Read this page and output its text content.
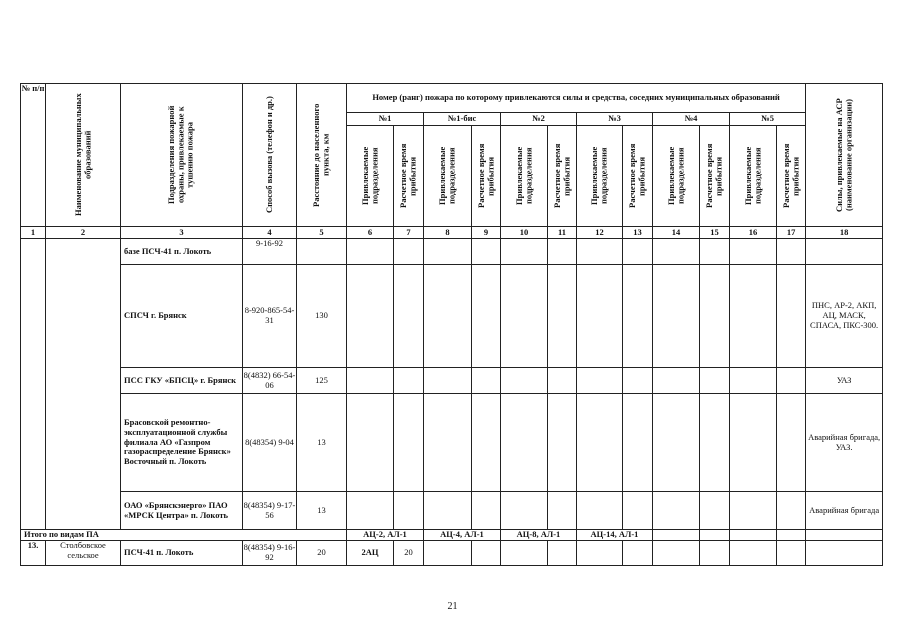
№ п/п	Наименование муниципальных образований	Подразделения пожарной охраны, привлекаемые к тушению пожара	Способ вызова (телефон и др.)	Расстояние до населенного пункта, км	Номер (ранг) пожара по которому привлекаются силы и средства, соседних муниципальных образований												Силы, привлекаемые на АСР (наименование организации)

					№1		№1-бис		№2		№3		№4		№5		

					Привлекаемые подразделения	Расчетное время прибытия	Привлекаемые подразделения	Расчетное время прибытия	Привлекаемые подразделения	Расчетное время прибытия	Привлекаемые подразделения	Расчетное время прибытия	Привлекаемые подразделения	Расчетное время прибытия	Привлекаемые подразделения	Расчетное время прибытия	

1	2	3	4	5	6	7	8	9	10	11	12	13	14	15	16	17	18
		базе ПСЧ-41 п. Локоть	9-16-92														
		СПСЧ г. Брянск	8-920-865-54-31	130													ПНС, АР-2, АКП, АЦ, МАСК, СПАСА, ПКС-300.
		ПСС ГКУ «БПСЦ» г. Брянск	8(4832) 66-54-06	125													УАЗ
		Брасовской ремонтно-эксплуатационной службы филиала АО «Газпром газораспределение Брянск» Восточный п. Локоть	8(48354) 9-04	13													Аварийная бригада, УАЗ.
		ОАО «Брянскэнерго» ПАО «МРСК Центра» п. Локоть	8(48354) 9-17-56	13													Аварийная бригада
Итого по видам ПА					АЦ-2, АЛ-1		АЦ-4, АЛ-1		АЦ-8, АЛ-1		АЦ-14, АЛ-1						
13.	Столбовское сельское	ПСЧ-41 п. Локоть	8(48354) 9-16-92	20	2АЦ	20											
21
